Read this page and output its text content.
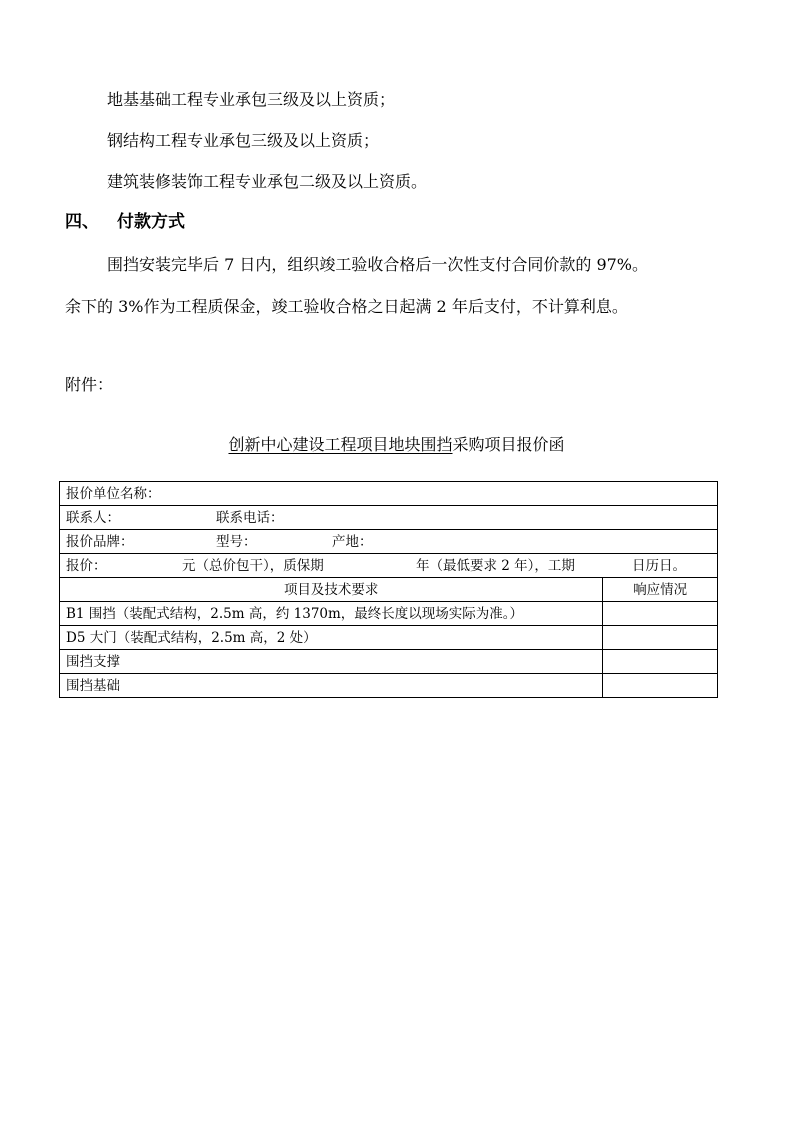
地基基础工程专业承包三级及以上资质；
钢结构工程专业承包三级及以上资质；
建筑装修装饰工程专业承包二级及以上资质。
四、 付款方式
围挡安装完毕后 7 日内，组织竣工验收合格后一次性支付合同价款的 97%。
余下的 3%作为工程质保金，竣工验收合格之日起满 2 年后支付，不计算利息。
附件：
创新中心建设工程项目地块围挡采购项目报价函
报价单位名称：	
联系人： 联系电话：	
报价品牌： 型号： 产地：	
报价： 元（总价包干），质保期 年（最低要求 2 年），工期 日历日。	
项目及技术要求	响应情况
B1 围挡（装配式结构，2.5m 高，约 1370m，最终长度以现场实际为准。）	
D5 大门（装配式结构，2.5m 高，2 处）	
围挡支撑	
围挡基础	
